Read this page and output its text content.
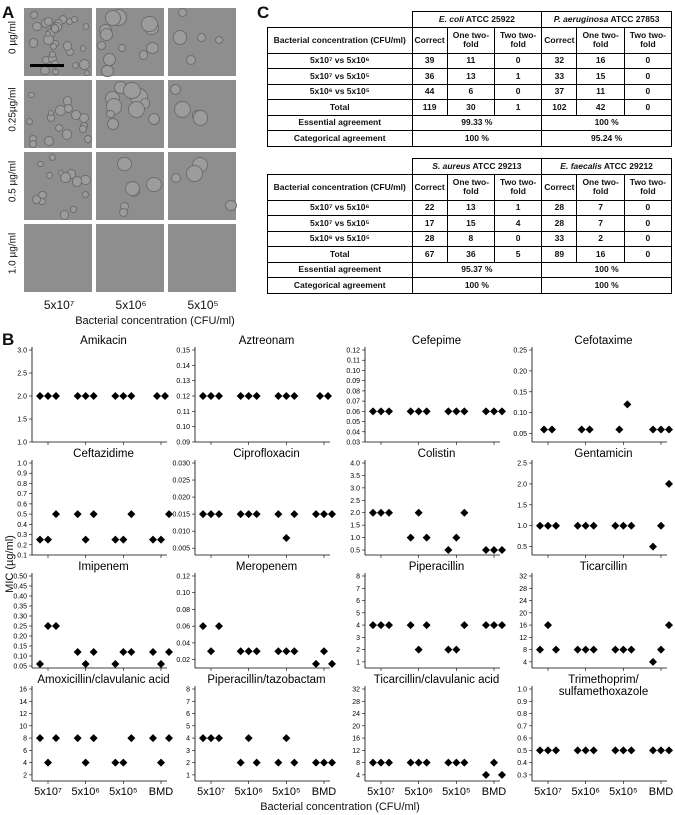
A
0 µg/ml
0.25µg/ml
0.5 µg/ml
1.0 µg/ml
5x10⁷	5x10⁶	5x10⁵
Bacterial concentration (CFU/ml)
C
		E. coli ATCC 25922			P. aeruginosa ATCC 27853		
Bacterial concentration (CFU/ml)	Correct	One two-fold	Two two-fold	Correct	One two-fold	Two two-fold
5x10⁷ vs 5x10⁶	39	11	0	32	16	0
5x10⁷ vs 5x10⁵	36	13	1	33	15	0
5x10⁶ vs 5x10⁵	44	6	0	37	11	0
Total	119	30	1	102	42	0
Essential agreement	99.33 %			100 %		
Categorical agreement	100 %			95.24 %		
	S. aureus ATCC 29213			E. faecalis ATCC 29212		
Bacterial concentration (CFU/ml)	Correct	One two-fold	Two two-fold	Correct	One two-fold	Two two-fold
5x10⁷ vs 5x10⁶	22	13	1	28	7	0
5x10⁷ vs 5x10⁵	17	15	4	28	7	0
5x10⁶ vs 5x10⁵	28	8	0	33	2	0
Total	67	36	5	89	16	0
Essential agreement	95.37 %			100 %		
Categorical agreement	100 %			100 %		
B	Amikacin
1.0
1.5
2.0
2.5
3.0
Aztreonam
0.09
0.10
0.11
0.12
0.13
0.14
0.15
Cefepime
0.03
0.04
0.05
0.06
0.07
0.08
0.09
0.10
0.11
0.12
Cefotaxime
0.05
0.10
0.15
0.20
0.25
Ceftazidime
0.1
0.2
0.3
0.4
0.5
0.6
0.7
0.8
0.9
1.0
Ciprofloxacin
0.005
0.010
0.015
0.020
0.025
0.030
Colistin
0.5
1.0
1.5
2.0
2.5
3.0
3.5
4.0
Gentamicin
0.5
1.0
1.5
2.0
2.5
Imipenem
0.05
0.10
0.15
0.20
0.25
0.30
0.35
0.40
0.45
0.50
Meropenem
0.02
0.04
0.06
0.08
0.10
0.12
Piperacillin
1
2
3
4
5
6
7
8
Ticarcillin
4
8
12
16
20
24
28
32
Amoxicillin/clavulanic acid
2
4
6
8
10
12
14
16
5x10⁷ 5x10⁶ 5x10⁵ BMD
Piperacillin/tazobactam
1
2
3
4
5
6
7
8
5x10⁷ 5x10⁶ 5x10⁵ BMD
Ticarcillin/clavulanic acid
4
8
12
16
20
24
28
32
5x10⁷ 5x10⁶ 5x10⁵ BMD
Trimethoprim/
sulfamethoxazole
0.3
0.4
0.5
0.6
0.7
0.8
0.9
1.0
5x10⁷ 5x10⁶ 5x10⁵ BMD
MIC (µg/ml)
Bacterial concentration (CFU/ml)
